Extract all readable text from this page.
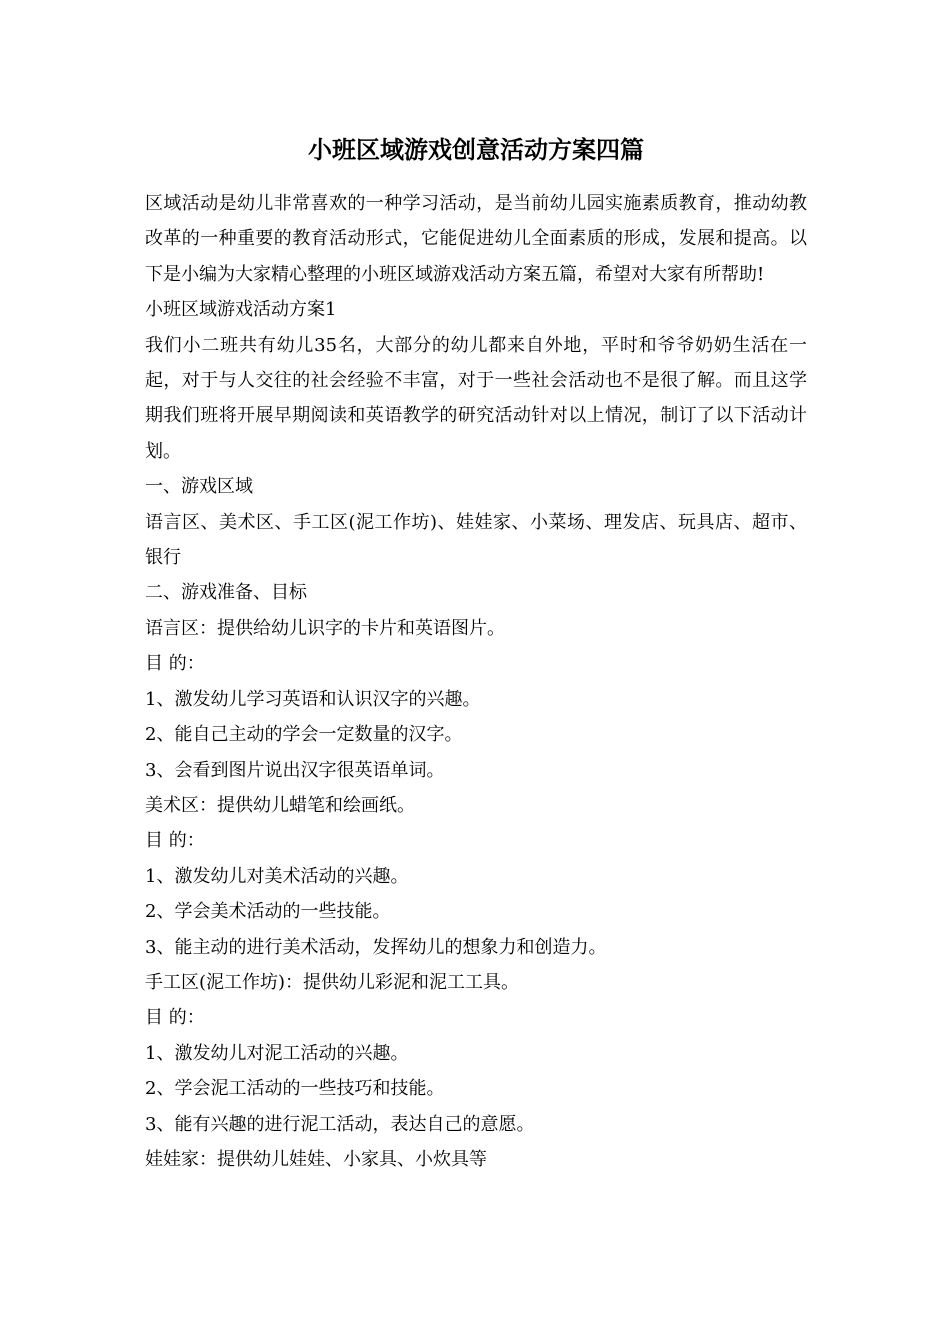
小班区域游戏创意活动方案四篇

区域活动是幼儿非常喜欢的一种学习活动，是当前幼儿园实施素质教育，推动幼教改革的一种重要的教育活动形式，它能促进幼儿全面素质的形成，发展和提高。以下是小编为大家精心整理的小班区域游戏活动方案五篇，希望对大家有所帮助!

小班区域游戏活动方案1

我们小二班共有幼儿35名，大部分的幼儿都来自外地，平时和爷爷奶奶生活在一起，对于与人交往的社会经验不丰富，对于一些社会活动也不是很了解。而且这学期我们班将开展早期阅读和英语教学的研究活动针对以上情况，制订了以下活动计划。

一、游戏区域

语言区、美术区、手工区(泥工作坊)、娃娃家、小菜场、理发店、玩具店、超市、银行

二、游戏准备、目标

语言区：提供给幼儿识字的卡片和英语图片。

目 的：

1、激发幼儿学习英语和认识汉字的兴趣。

2、能自己主动的学会一定数量的汉字。

3、会看到图片说出汉字很英语单词。

美术区：提供幼儿蜡笔和绘画纸。

目 的：

1、激发幼儿对美术活动的兴趣。

2、学会美术活动的一些技能。

3、能主动的进行美术活动，发挥幼儿的想象力和创造力。

手工区(泥工作坊)：提供幼儿彩泥和泥工工具。

目 的：

1、激发幼儿对泥工活动的兴趣。

2、学会泥工活动的一些技巧和技能。

3、能有兴趣的进行泥工活动，表达自己的意愿。

娃娃家：提供幼儿娃娃、小家具、小炊具等
